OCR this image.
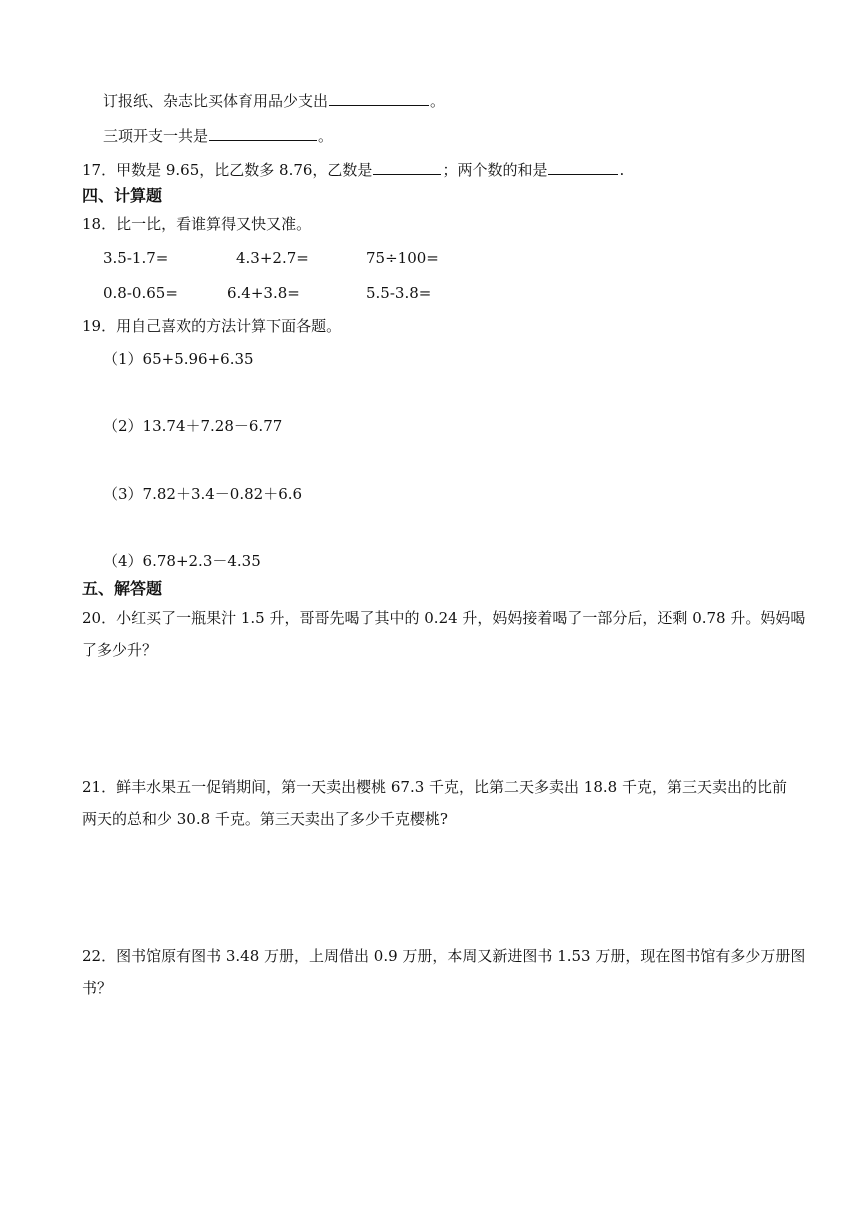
订报纸、杂志比买体育用品少支出	。
三项开支一共是	。
17．甲数是 9.65，比乙数多 8.76，乙数是	；两个数的和是	.
四、计算题
18．比一比，看谁算得又快又准。
3.5-1.7=	4.3+2.7=	75÷100=
0.8-0.65=	6.4+3.8=	5.5-3.8=
19．用自己喜欢的方法计算下面各题。
（1）65+5.96+6.35
（2）13.74＋7.28－6.77
（3）7.82＋3.4－0.82＋6.6
（4）6.78+2.3－4.35
五、解答题
20．小红买了一瓶果汁 1.5 升，哥哥先喝了其中的 0.24 升，妈妈接着喝了一部分后，还剩 0.78 升。妈妈喝
了多少升？
21．鲜丰水果五一促销期间，第一天卖出樱桃 67.3 千克，比第二天多卖出 18.8 千克，第三天卖出的比前
两天的总和少 30.8 千克。第三天卖出了多少千克樱桃?
22．图书馆原有图书 3.48 万册，上周借出 0.9 万册，本周又新进图书 1.53 万册，现在图书馆有多少万册图
书？
